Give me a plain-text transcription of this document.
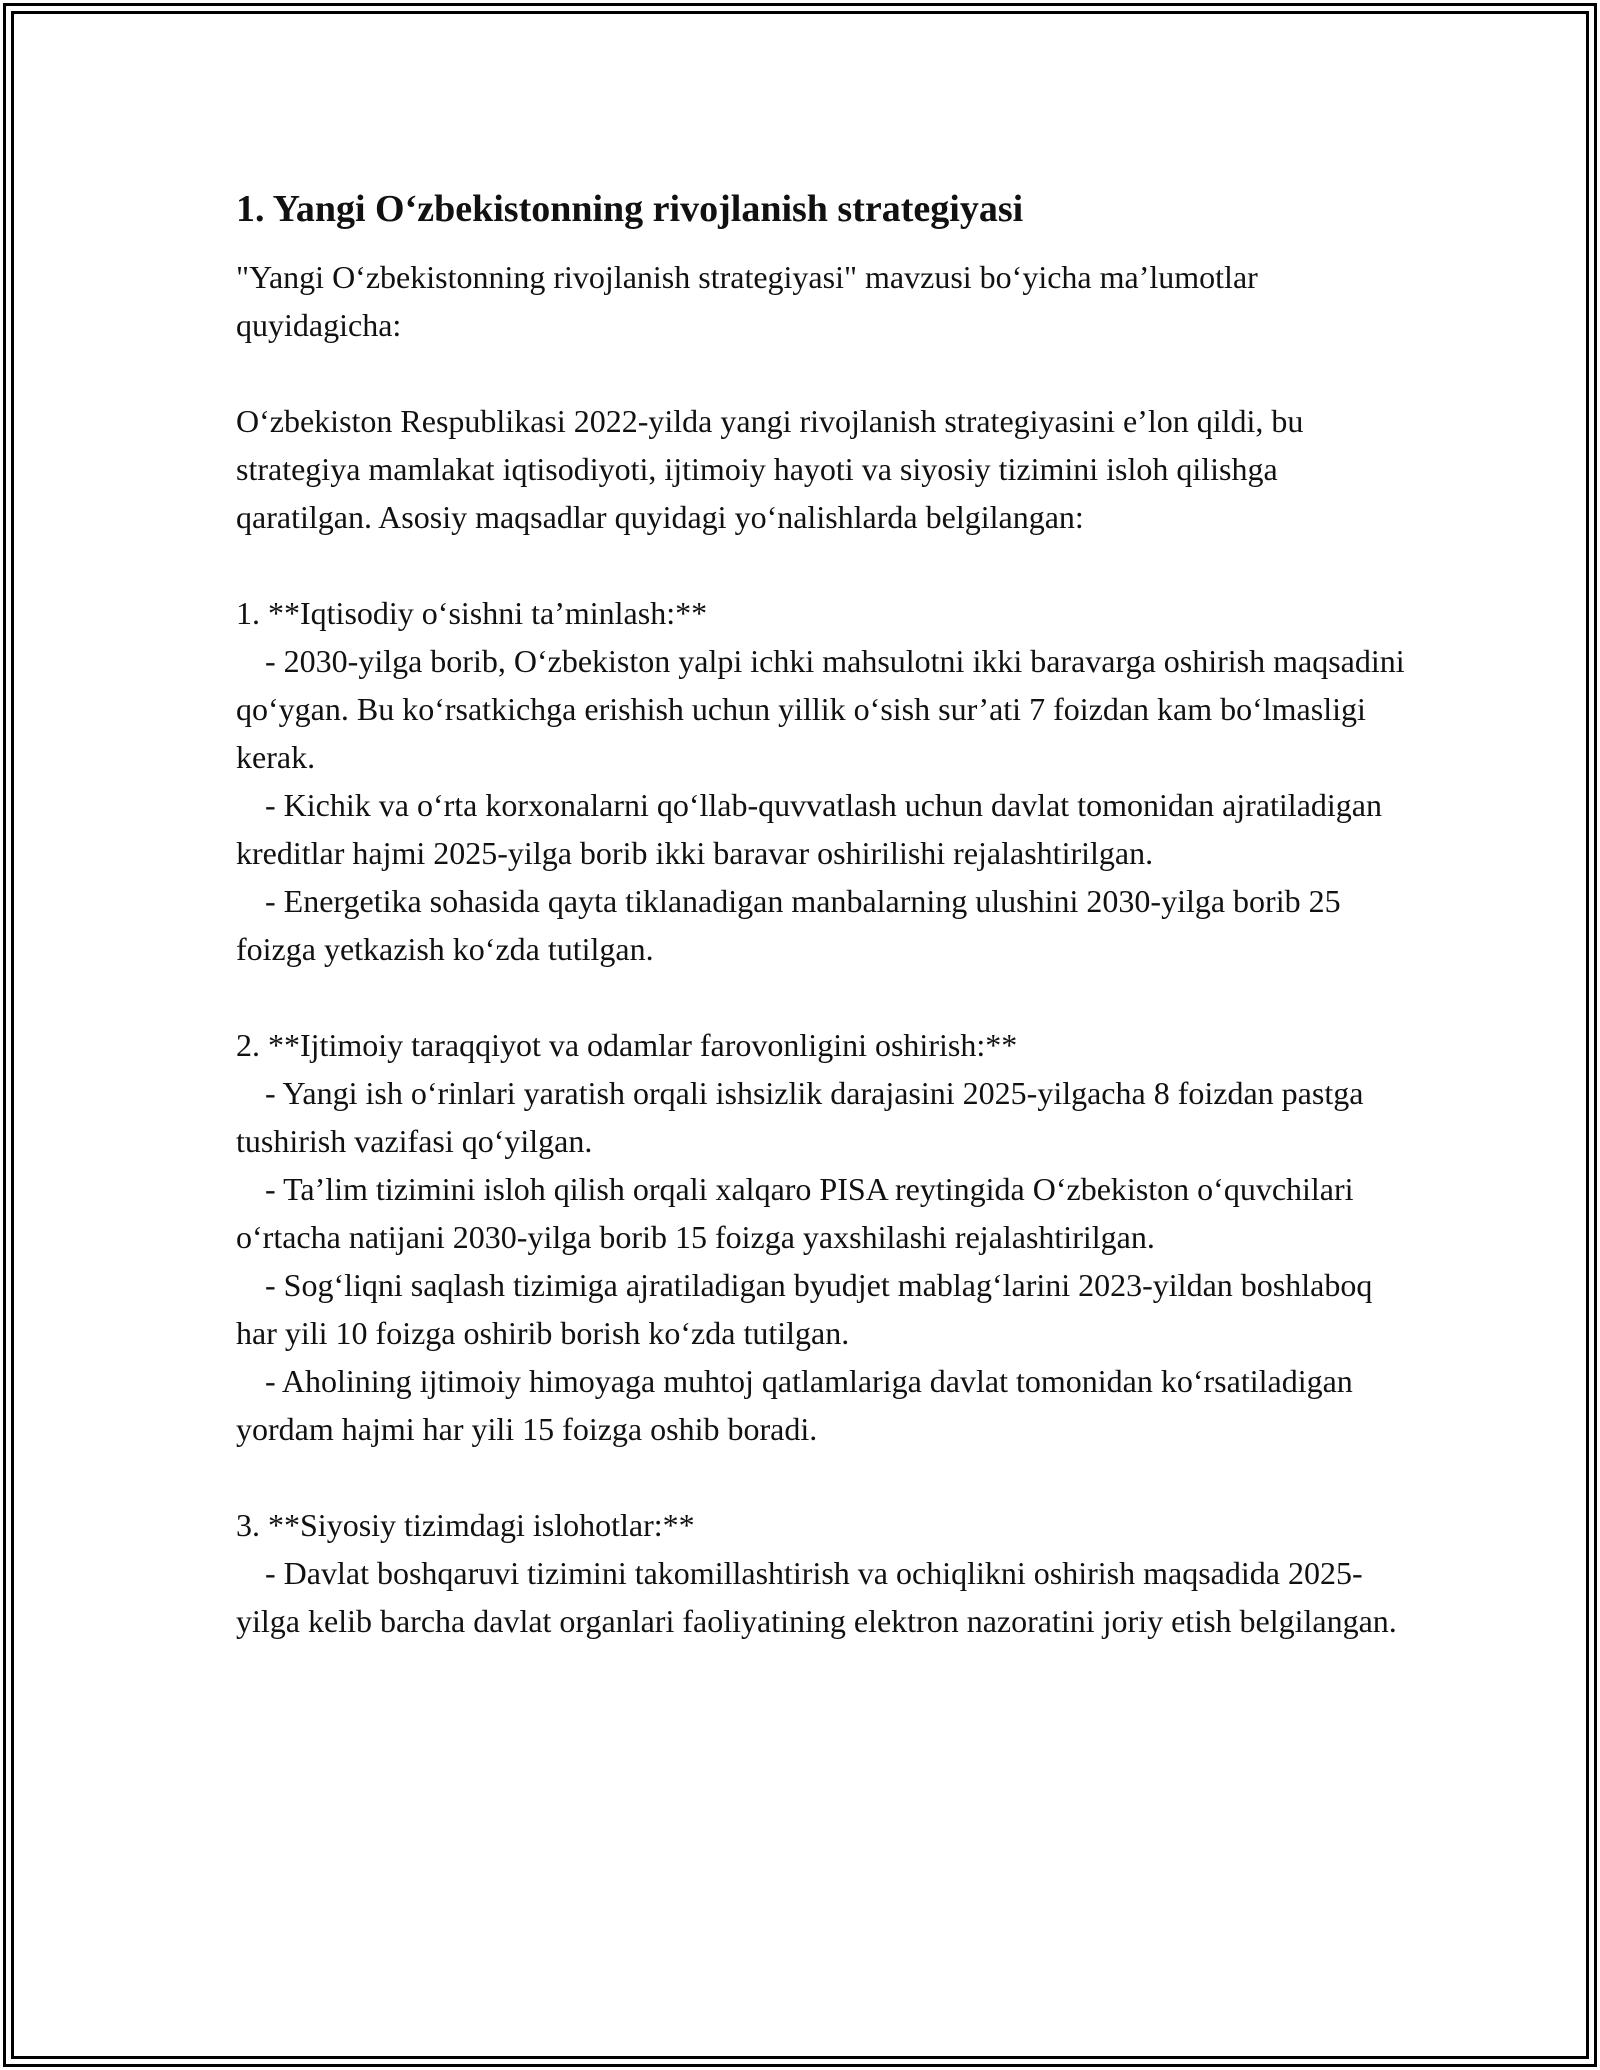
1. Yangi O‘zbekistonning rivojlanish strategiyasi

"Yangi O‘zbekistonning rivojlanish strategiyasi" mavzusi bo‘yicha ma’lumotlar quyidagicha:

O‘zbekiston Respublikasi 2022-yilda yangi rivojlanish strategiyasini e’lon qildi, bu strategiya mamlakat iqtisodiyoti, ijtimoiy hayoti va siyosiy tizimini isloh qilishga qaratilgan. Asosiy maqsadlar quyidagi yo‘nalishlarda belgilangan:

1. **Iqtisodiy o‘sishni ta’minlash:**

- 2030-yilga borib, O‘zbekiston yalpi ichki mahsulotni ikki baravarga oshirish maqsadini qo‘ygan. Bu ko‘rsatkichga erishish uchun yillik o‘sish sur’ati 7 foizdan kam bo‘lmasligi kerak.

- Kichik va o‘rta korxonalarni qo‘llab-quvvatlash uchun davlat tomonidan ajratiladigan kreditlar hajmi 2025-yilga borib ikki baravar oshirilishi rejalashtirilgan.

- Energetika sohasida qayta tiklanadigan manbalarning ulushini 2030-yilga borib 25 foizga yetkazish ko‘zda tutilgan.

2. **Ijtimoiy taraqqiyot va odamlar farovonligini oshirish:**

- Yangi ish o‘rinlari yaratish orqali ishsizlik darajasini 2025-yilgacha 8 foizdan pastga tushirish vazifasi qo‘yilgan.

- Ta’lim tizimini isloh qilish orqali xalqaro PISA reytingida O‘zbekiston o‘quvchilari o‘rtacha natijani 2030-yilga borib 15 foizga yaxshilashi rejalashtirilgan.

- Sog‘liqni saqlash tizimiga ajratiladigan byudjet mablag‘larini 2023-yildan boshlaboq har yili 10 foizga oshirib borish ko‘zda tutilgan.

- Aholining ijtimoiy himoyaga muhtoj qatlamlariga davlat tomonidan ko‘rsatiladigan yordam hajmi har yili 15 foizga oshib boradi.

3. **Siyosiy tizimdagi islohotlar:**

- Davlat boshqaruvi tizimini takomillashtirish va ochiqlikni oshirish maqsadida 2025-yilga kelib barcha davlat organlari faoliyatining elektron nazoratini joriy etish belgilangan.
